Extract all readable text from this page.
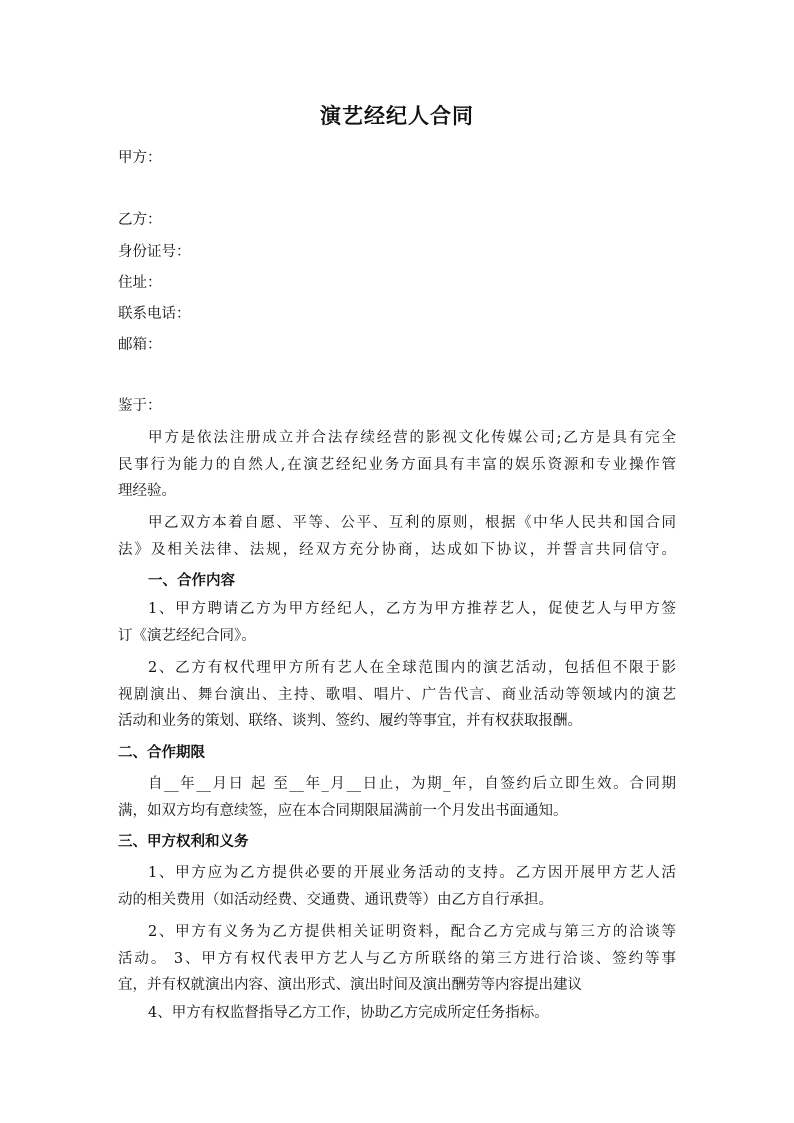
演艺经纪人合同
甲方：
乙方：
身份证号：
住址：
联系电话：
邮箱：
鉴于：
甲方是依法注册成立并合法存续经营的影视文化传媒公司;乙方是具有完全
民事行为能力的自然人,在演艺经纪业务方面具有丰富的娱乐资源和专业操作管
理经验。
甲乙双方本着自愿、平等、公平、互利的原则，根据《中华人民共和国合同
法》及相关法律、法规，经双方充分协商，达成如下协议，并誓言共同信守。
一、合作内容
1、甲方聘请乙方为甲方经纪人，乙方为甲方推荐艺人，促使艺人与甲方签
订《演艺经纪合同》。
2、乙方有权代理甲方所有艺人在全球范围内的演艺活动，包括但不限于影
视剧演出、舞台演出、主持、歌唱、唱片、广告代言、商业活动等领域内的演艺
活动和业务的策划、联络、谈判、签约、履约等事宜，并有权获取报酬。
二、合作期限
自__年__月日 起 至__年_月__日止，为期_年，自签约后立即生效。合同期
满，如双方均有意续签，应在本合同期限届满前一个月发出书面通知。
三、甲方权利和义务
1、甲方应为乙方提供必要的开展业务活动的支持。乙方因开展甲方艺人活
动的相关费用（如活动经费、交通费、通讯费等）由乙方自行承担。
2、甲方有义务为乙方提供相关证明资料，配合乙方完成与第三方的洽谈等
活动。 3、甲方有权代表甲方艺人与乙方所联络的第三方进行洽谈、签约等事
宜，并有权就演出内容、演出形式、演出时间及演出酬劳等内容提出建议
4、甲方有权监督指导乙方工作，协助乙方完成所定任务指标。
